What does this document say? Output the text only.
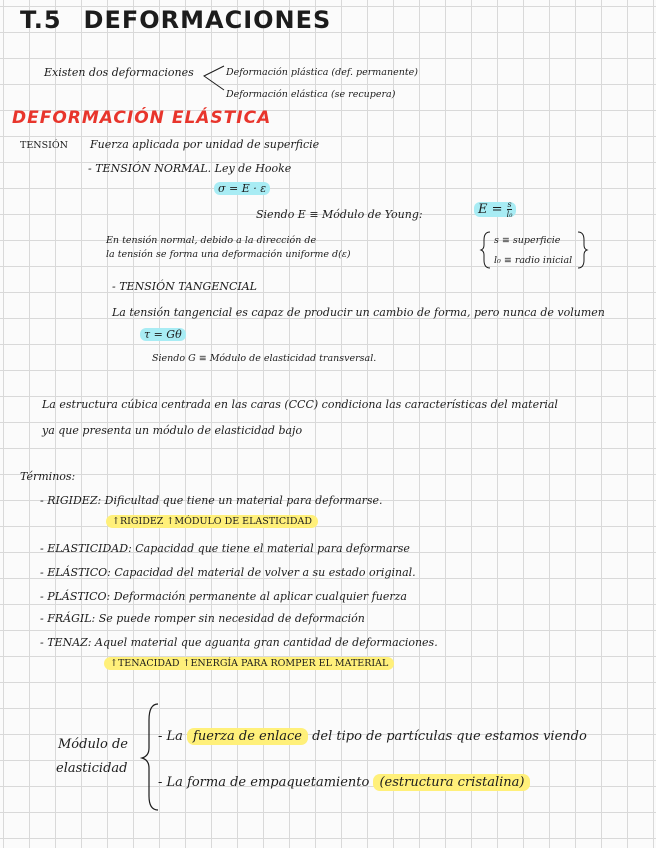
T.5 DEFORMACIONES
Existen dos deformaciones	Deformación plástica (def. permanente)
Deformación elástica (se recupera)
DEFORMACIÓN ELÁSTICA
TENSIÓN Fuerza aplicada por unidad de superficie
- TENSIÓN NORMAL. Ley de Hooke
σ = E · ε
Siendo E ≡ Módulo de Young:	$E = \frac{s}{\text{l₀}}$
En tensión normal, debido a la dirección de
la tensión se forma una deformación uniforme d(ε)
s ≡ superficie
l₀ ≡ radio inicial
- TENSIÓN TANGENCIAL
La tensión tangencial es capaz de producir un cambio de forma, pero nunca de volumen
τ = Gθ
Siendo G ≡ Módulo de elasticidad transversal.
La estructura cúbica centrada en las caras (CCC) condiciona las características del material
ya que presenta un módulo de elasticidad bajo
Términos:
- RIGIDEZ: Dificultad que tiene un material para deformarse.
↑RIGIDEZ ↑MÓDULO DE ELASTICIDAD
- ELASTICIDAD: Capacidad que tiene el material para deformarse
- ELÁSTICO: Capacidad del material de volver a su estado original.
- PLÁSTICO: Deformación permanente al aplicar cualquier fuerza
- FRÁGIL: Se puede romper sin necesidad de deformación
- TENAZ: Aquel material que aguanta gran cantidad de deformaciones.
↑TENACIDAD ↑ENERGÍA PARA ROMPER EL MATERIAL
Módulo de
elasticidad
- La fuerza de enlace del tipo de partículas que estamos viendo
- La forma de empaquetamiento (estructura cristalina)
